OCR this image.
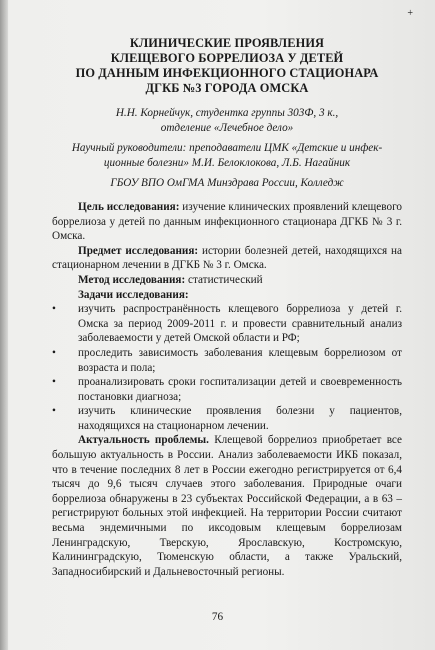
+
КЛИНИЧЕСКИЕ ПРОЯВЛЕНИЯ
КЛЕЩЕВОГО БОРРЕЛИОЗА У ДЕТЕЙ
ПО ДАННЫМ ИНФЕКЦИОННОГО СТАЦИОНАРА
ДГКБ №3 ГОРОДА ОМСКА
Н.Н. Корнейчук, студентка группы 303Ф, 3 к.,
отделение «Лечебное дело»
Научный руководители: преподаватели ЦМК «Детские и инфек-
ционные болезни» М.И. Белоклокова, Л.Б. Нагайник
ГБОУ ВПО ОмГМА Минздрава России, Колледж

Цель исследования: изучение клинических проявлений клещевого боррелиоза у детей по данным инфекционного стационара ДГКБ № 3 г. Омска.

Предмет исследования: истории болезней детей, находящихся на стационарном лечении в ДГКБ № 3 г. Омска.

Метод исследования: статистический

Задачи исследования:

• изучить распространённость клещевого боррелиоза у детей г. Омска за период 2009-2011 г. и провести сравнительный анализ заболеваемости у детей Омской области и РФ;
• проследить зависимость заболевания клещевым боррелиозом от возраста и пола;
• проанализировать сроки госпитализации детей и своевременность постановки диагноза;
• изучить клинические проявления болезни у пациентов, находящихся на стационарном лечении.

Актуальность проблемы. Клещевой боррелиоз приобретает все большую актуальность в России. Анализ заболеваемости ИКБ показал, что в течение последних 8 лет в России ежегодно регистрируется от 6,4 тысяч до 9,6 тысяч случаев этого заболевания. Природные очаги боррелиоза обнаружены в 23 субъектах Российской Федерации, а в 63 – регистрируют больных этой инфекцией. На территории России считают весьма эндемичными по иксодовым клещевым боррелиозам Ленинградскую, Тверскую,	Ярославскую, Костромскую, Калининградскую, Тюменскую области, а также Уральский, Западносибирский и Дальневосточный регионы.

76
